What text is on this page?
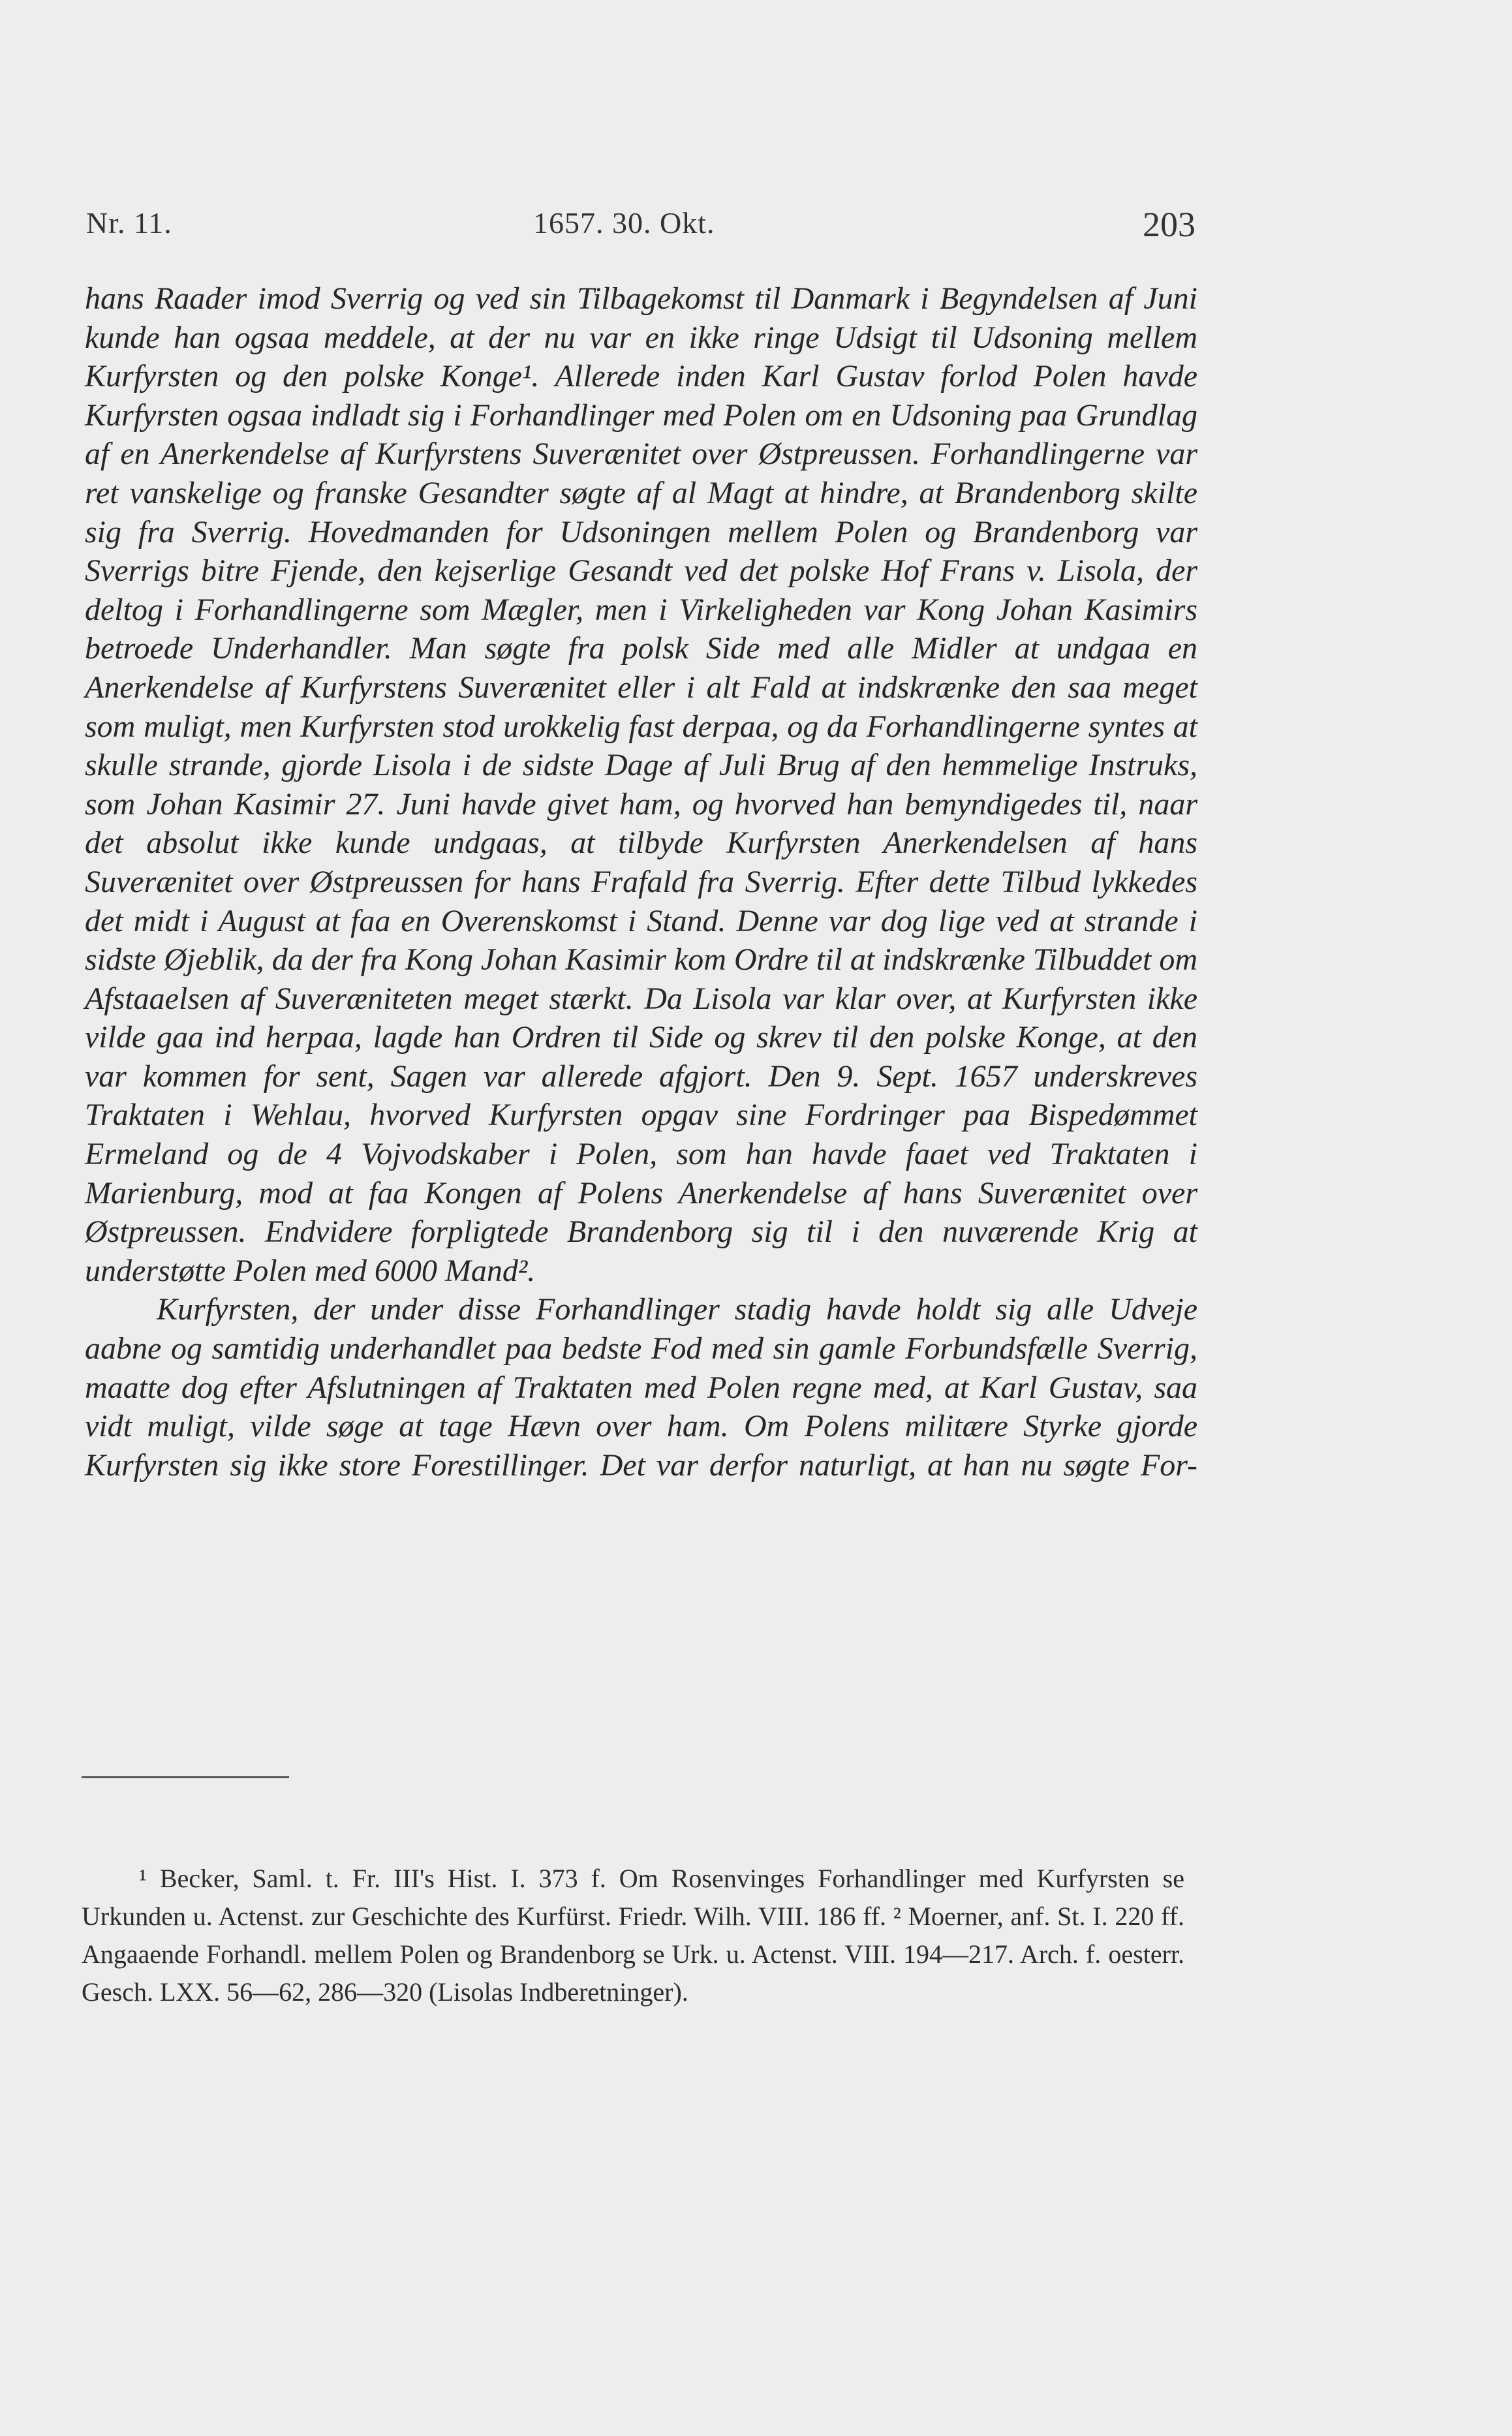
Nr. 11.	1657. 30. Okt.	203

hans Raader imod Sverrig og ved sin Tilbagekomst til Danmark i Begyndelsen af Juni kunde han ogsaa meddele, at der nu var en ikke ringe Udsigt til Udsoning mellem Kurfyrsten og den polske Konge¹. Allerede inden Karl Gustav forlod Polen havde Kurfyrsten ogsaa indladt sig i Forhandlinger med Polen om en Udsoning paa Grundlag af en Anerkendelse af Kurfyrstens Suverænitet over Østpreussen. Forhandlingerne var ret vanskelige og franske Gesandter søgte af al Magt at hindre, at Brandenborg skilte sig fra Sverrig. Hovedmanden for Udsoningen mellem Polen og Brandenborg var Sverrigs bitre Fjende, den kejserlige Gesandt ved det polske Hof Frans v. Lisola, der deltog i Forhandlingerne som Mægler, men i Virkeligheden var Kong Johan Kasimirs betroede Underhandler. Man søgte fra polsk Side med alle Midler at undgaa en Anerkendelse af Kurfyrstens Suverænitet eller i alt Fald at indskrænke den saa meget som muligt, men Kurfyrsten stod urokkelig fast derpaa, og da Forhandlingerne syntes at skulle strande, gjorde Lisola i de sidste Dage af Juli Brug af den hemmelige Instruks, som Johan Kasimir 27. Juni havde givet ham, og hvorved han bemyndigedes til, naar det absolut ikke kunde undgaas, at tilbyde Kurfyrsten Anerkendelsen af hans Suverænitet over Østpreussen for hans Frafald fra Sverrig. Efter dette Tilbud lykkedes det midt i August at faa en Overenskomst i Stand. Denne var dog lige ved at strande i sidste Øjeblik, da der fra Kong Johan Kasimir kom Ordre til at indskrænke Tilbuddet om Afstaaelsen af Suveræniteten meget stærkt. Da Lisola var klar over, at Kurfyrsten ikke vilde gaa ind herpaa, lagde han Ordren til Side og skrev til den polske Konge, at den var kommen for sent, Sagen var allerede afgjort. Den 9. Sept. 1657 underskreves Traktaten i Wehlau, hvorved Kurfyrsten opgav sine Fordringer paa Bispedømmet Ermeland og de 4 Vojvodskaber i Polen, som han havde faaet ved Traktaten i Marienburg, mod at faa Kongen af Polens Anerkendelse af hans Suverænitet over Østpreussen. Endvidere forpligtede Brandenborg sig til i den nuværende Krig at understøtte Polen med 6000 Mand².

Kurfyrsten, der under disse Forhandlinger stadig havde holdt sig alle Udveje aabne og samtidig underhandlet paa bedste Fod med sin gamle Forbundsfælle Sverrig, maatte dog efter Afslutningen af Traktaten med Polen regne med, at Karl Gustav, saa vidt muligt, vilde søge at tage Hævn over ham. Om Polens militære Styrke gjorde Kurfyrsten sig ikke store Forestillinger. Det var derfor naturligt, at han nu søgte For-

¹ Becker, Saml. t. Fr. III's Hist. I. 373 f. Om Rosenvinges Forhandlinger med Kurfyrsten se Urkunden u. Actenst. zur Geschichte des Kurfürst. Friedr. Wilh. VIII. 186 ff. ² Moerner, anf. St. I. 220 ff. Angaaende Forhandl. mellem Polen og Brandenborg se Urk. u. Actenst. VIII. 194—217. Arch. f. oesterr. Gesch. LXX. 56—62, 286—320 (Lisolas Indberetninger).
